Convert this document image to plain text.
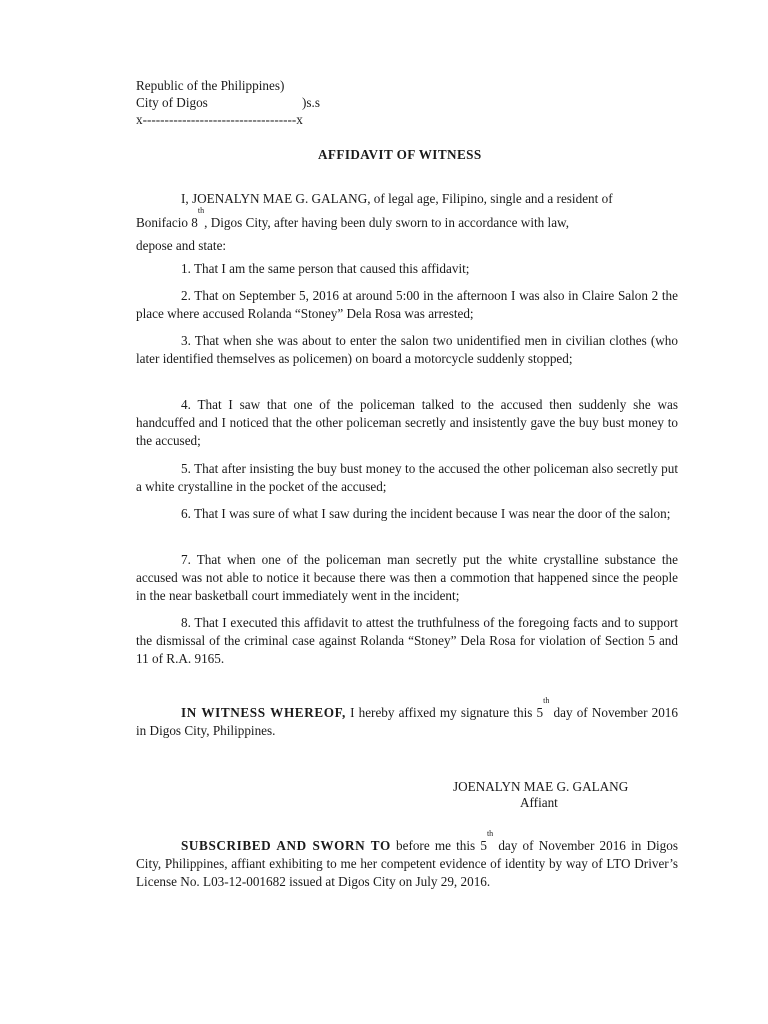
Republic of the Philippines)
City of Digos	)s.s
x-----------------------------------x
AFFIDAVIT OF WITNESS
I, JOENALYN MAE G. GALANG, of legal age, Filipino, single and a resident of
Bonifacio 8th, Digos City, after having been duly sworn to in accordance with law,
depose and state:

1. That I am the same person that caused this affidavit;

2. That on September 5, 2016 at around 5:00 in the afternoon I was also in Claire Salon 2 the place where accused Rolanda “Stoney” Dela Rosa was arrested;

3. That when she was about to enter the salon two unidentified men in civilian clothes (who later identified themselves as policemen) on board a motorcycle suddenly stopped;

4. That I saw that one of the policeman talked to the accused then suddenly she was handcuffed and I noticed that the other policeman secretly and insistently gave the buy bust money to the accused;

5. That after insisting the buy bust money to the accused the other policeman also secretly put a white crystalline in the pocket of the accused;

6. That I was sure of what I saw during the incident because I was near the door of the salon;

7. That when one of the policeman man secretly put the white crystalline substance the accused was not able to notice it because there was then a commotion that happened since the people in the near basketball court immediately went in the incident;

8. That I executed this affidavit to attest the truthfulness of the foregoing facts and to support the dismissal of the criminal case against Rolanda “Stoney” Dela Rosa for violation of Section 5 and 11 of R.A. 9165.

IN WITNESS WHEREOF, I hereby affixed my signature this 5th day of November 2016 in Digos City, Philippines.

JOENALYN MAE G. GALANG
Affiant

SUBSCRIBED AND SWORN TO before me this 5th day of November 2016 in Digos City, Philippines, affiant exhibiting to me her competent evidence of identity by way of LTO Driver’s License No. L03-12-001682 issued at Digos City on July 29, 2016.
